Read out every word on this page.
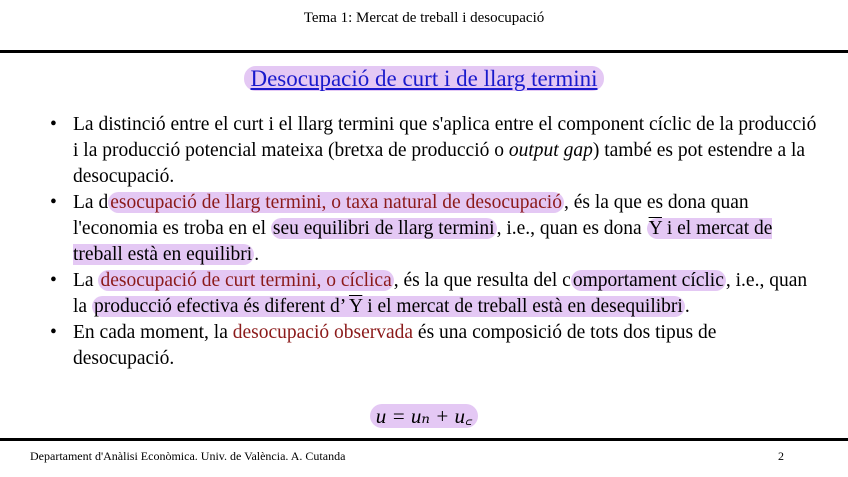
Tema 1: Mercat de treball i desocupació
Desocupació de curt i de llarg termini
• La distinció entre el curt i el llarg termini que s'aplica entre el component cíclic de la producció i la producció potencial mateixa (bretxa de producció o output gap) també es pot estendre a la desocupació.
• La d esocupació de llarg termini, o taxa natural de desocupació , és la que es dona quan l'economia es troba en el seu equilibri de llarg termini , i.e., quan es dona $\overline{Y}$ i el mercat de treball està en equilibri .
• La desocupació de curt termini, o cíclica , és la que resulta del c omportament cíclic , i.e., quan la producció efectiva és diferent d’ $\overline{Y}$ i el mercat de treball està en desequilibri .
• En cada moment, la desocupació observada és una composició de tots dos tipus de desocupació.
u = uₙ + u꜀
Departament d'Anàlisi Econòmica. Univ. de València. A. Cutanda	2
